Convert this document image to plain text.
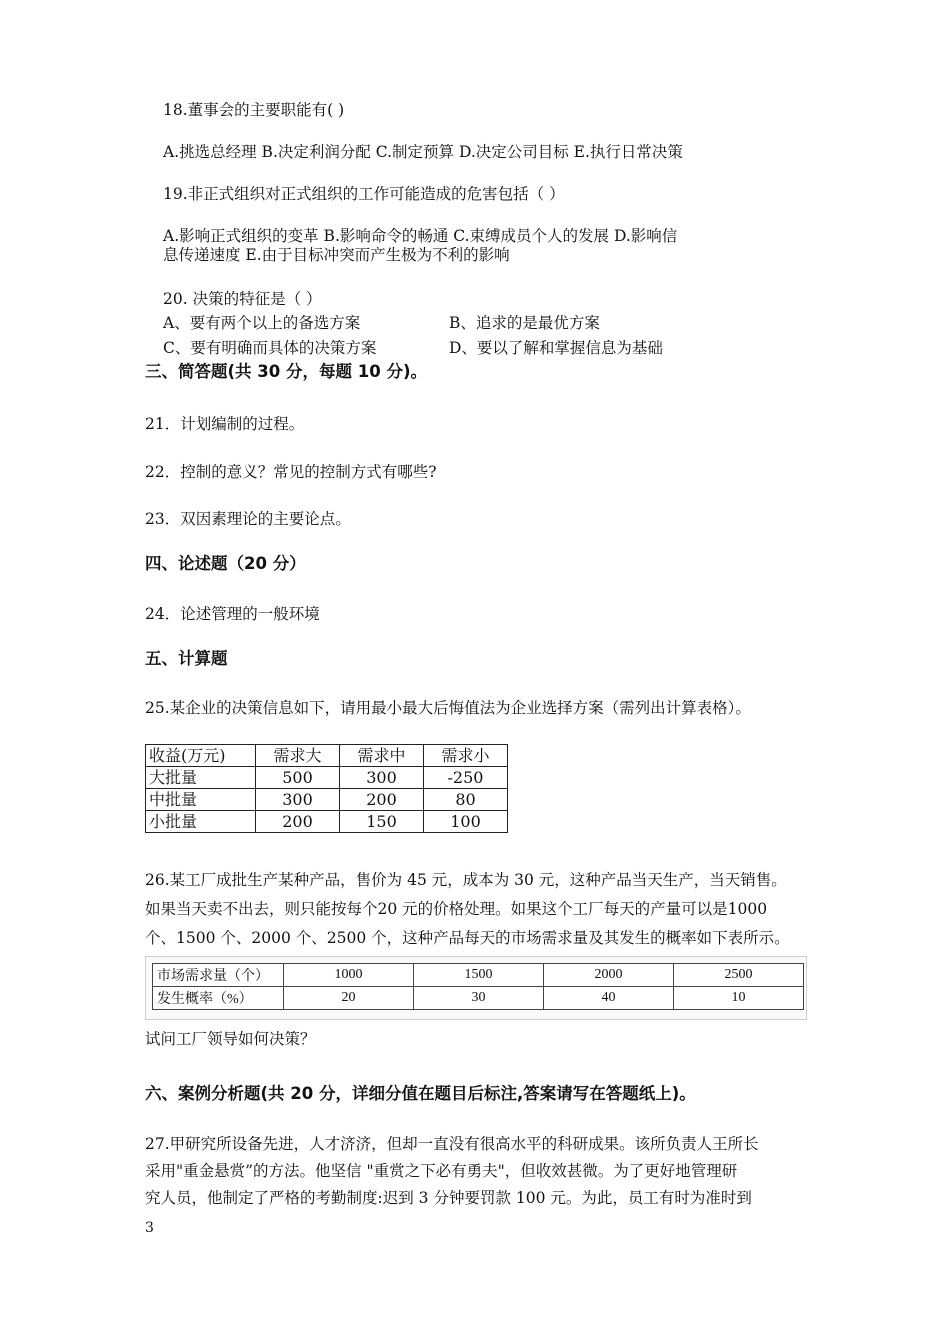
18.董事会的主要职能有( )
A.挑选总经理 B.决定利润分配 C.制定预算 D.决定公司目标 E.执行日常决策
19.非正式组织对正式组织的工作可能造成的危害包括（ ）
A.影响正式组织的变革 B.影响命令的畅通 C.束缚成员个人的发展 D.影响信
息传递速度 E.由于目标冲突而产生极为不利的影响
20. 决策的特征是（ ）
A、要有两个以上的备选方案	B、追求的是最优方案
C、要有明确而具体的决策方案	D、要以了解和掌握信息为基础
三、简答题(共 30 分，每题 10 分)。
21．计划编制的过程。
22．控制的意义？常见的控制方式有哪些?
23．双因素理论的主要论点。
四、论述题（20 分）
24．论述管理的一般环境
五、计算题
25.某企业的决策信息如下，请用最小最大后悔值法为企业选择方案（需列出计算表格）。
收益(万元)	需求大	需求中	需求小
大批量	500	300	-250
中批量	300	200	80
小批量	200	150	100
26.某工厂成批生产某种产品，售价为 45 元，成本为 30 元，这种产品当天生产，当天销售。
如果当天卖不出去，则只能按每个20 元的价格处理。如果这个工厂每天的产量可以是1000
个、1500 个、2000 个、2500 个，这种产品每天的市场需求量及其发生的概率如下表所示。
市场需求量（个）	1000	1500	2000	2500
发生概率（%）	20	30	40	10
试问工厂领导如何决策？
六、案例分析题(共 20 分，详细分值在题目后标注,答案请写在答题纸上)。
27.甲研究所设备先进，人才济济，但却一直没有很高水平的科研成果。该所负责人王所长
采用"重金悬赏”的方法。他坚信 "重赏之下必有勇夫"，但收效甚微。为了更好地管理研
究人员，他制定了严格的考勤制度:迟到 3 分钟要罚款 100 元。为此，员工有时为准时到
3
